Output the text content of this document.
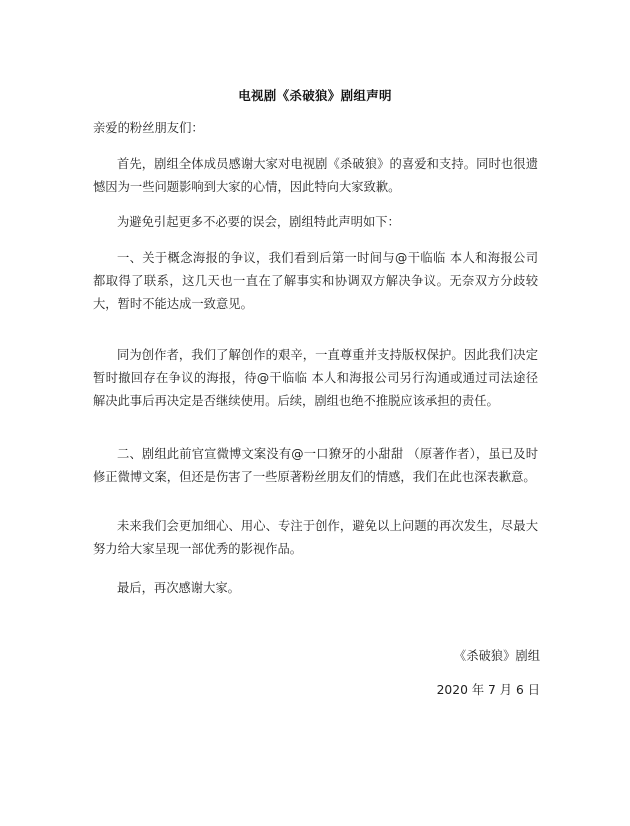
电视剧《杀破狼》剧组声明
亲爱的粉丝朋友们：
首先，剧组全体成员感谢大家对电视剧《杀破狼》的喜爱和支持。同时也很遗憾因为一些问题影响到大家的心情，因此特向大家致歉。
为避免引起更多不必要的误会，剧组特此声明如下：
一、关于概念海报的争议，我们看到后第一时间与@干临临 本人和海报公司都取得了联系，这几天也一直在了解事实和协调双方解决争议。无奈双方分歧较大，暂时不能达成一致意见。
同为创作者，我们了解创作的艰辛，一直尊重并支持版权保护。因此我们决定暂时撤回存在争议的海报，待@干临临 本人和海报公司另行沟通或通过司法途径解决此事后再决定是否继续使用。后续，剧组也绝不推脱应该承担的责任。
二、剧组此前官宣微博文案没有@一口獠牙的小甜甜 （原著作者），虽已及时修正微博文案，但还是伤害了一些原著粉丝朋友们的情感，我们在此也深表歉意。
未来我们会更加细心、用心、专注于创作，避免以上问题的再次发生，尽最大努力给大家呈现一部优秀的影视作品。
最后，再次感谢大家。
《杀破狼》剧组
2020 年 7 月 6 日
